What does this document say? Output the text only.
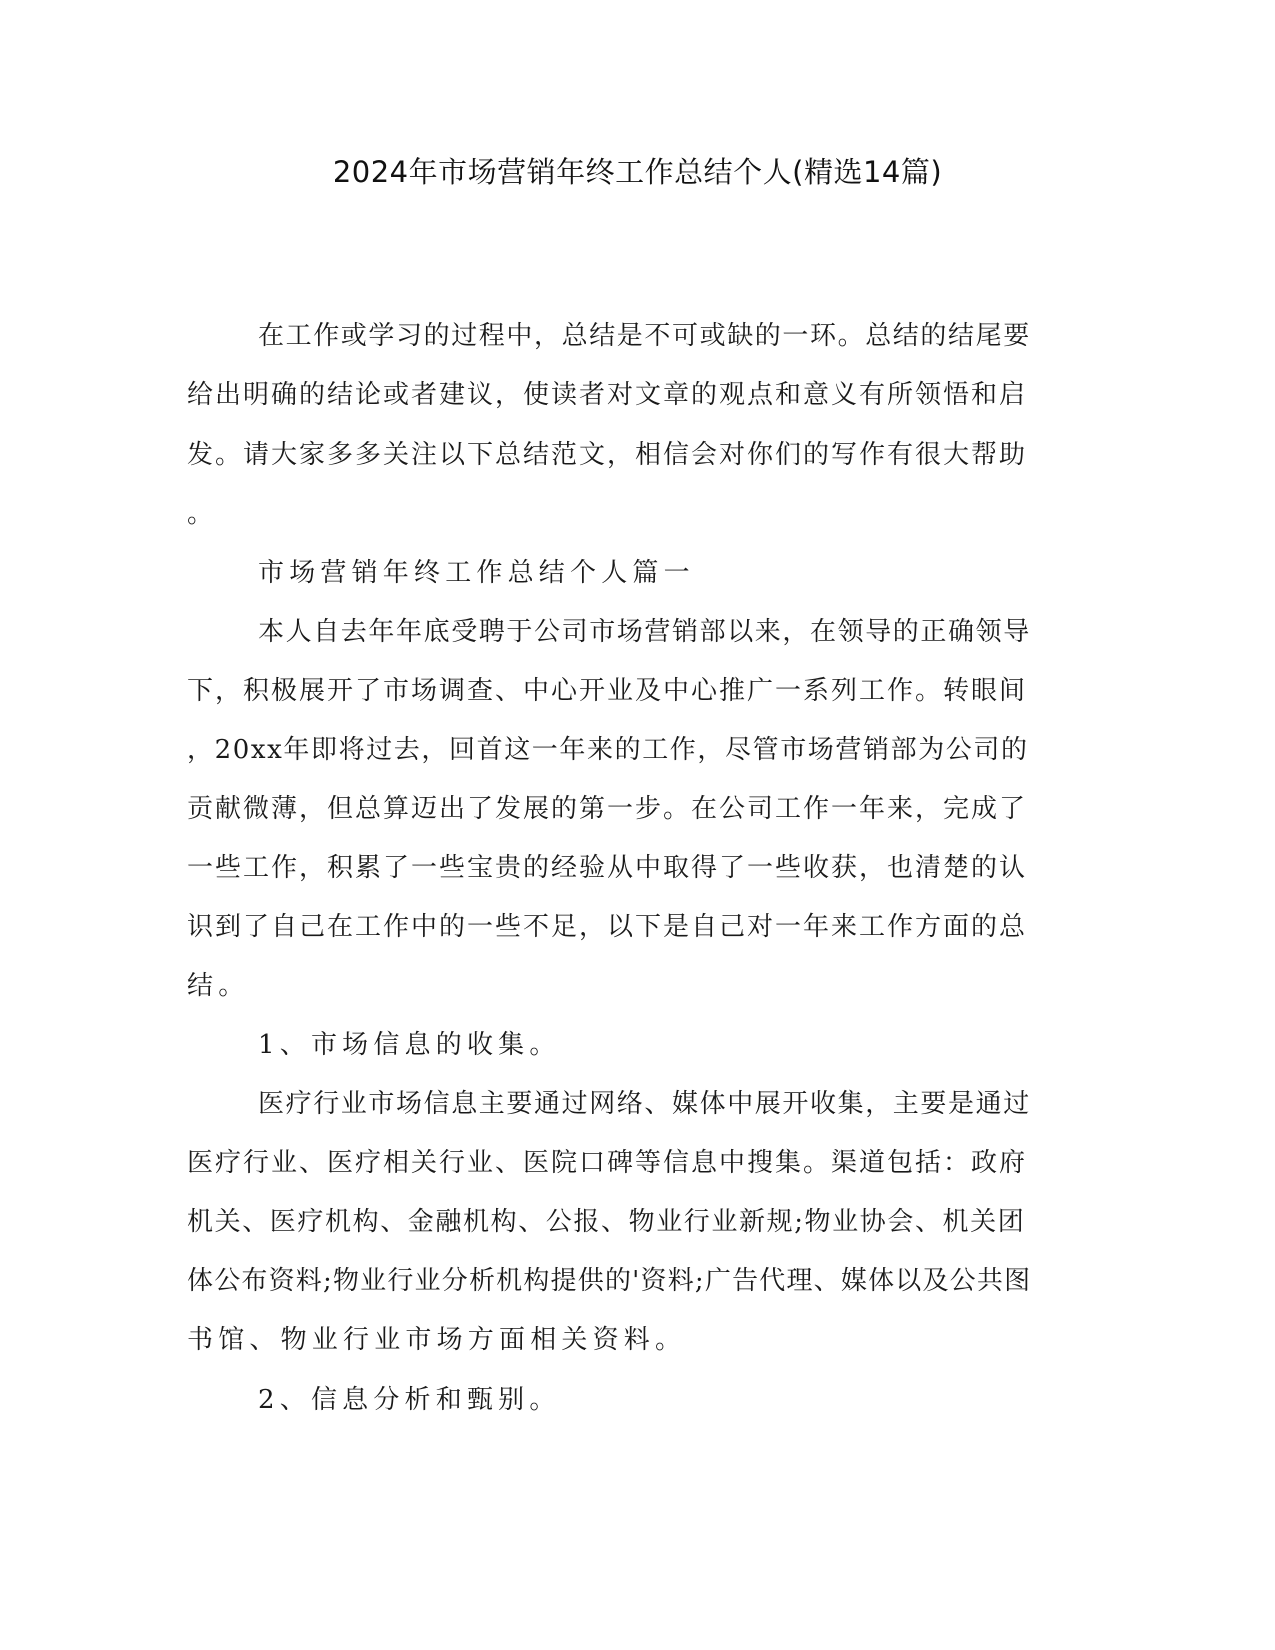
2024年市场营销年终工作总结个人(精选14篇)
在工作或学习的过程中，总结是不可或缺的一环。总结的结尾要
给出明确的结论或者建议，使读者对文章的观点和意义有所领悟和启
发。请大家多多关注以下总结范文，相信会对你们的写作有很大帮助
。
市场营销年终工作总结个人篇一
本人自去年年底受聘于公司市场营销部以来，在领导的正确领导
下，积极展开了市场调查、中心开业及中心推广一系列工作。转眼间
，20xx年即将过去，回首这一年来的工作，尽管市场营销部为公司的
贡献微薄，但总算迈出了发展的第一步。在公司工作一年来，完成了
一些工作，积累了一些宝贵的经验从中取得了一些收获，也清楚的认
识到了自己在工作中的一些不足，以下是自己对一年来工作方面的总
结。
1、市场信息的收集。
医疗行业市场信息主要通过网络、媒体中展开收集，主要是通过
医疗行业、医疗相关行业、医院口碑等信息中搜集。渠道包括：政府
机关、医疗机构、金融机构、公报、物业行业新规;物业协会、机关团
体公布资料;物业行业分析机构提供的'资料;广告代理、媒体以及公共图
书馆、物业行业市场方面相关资料。
2、信息分析和甄别。
